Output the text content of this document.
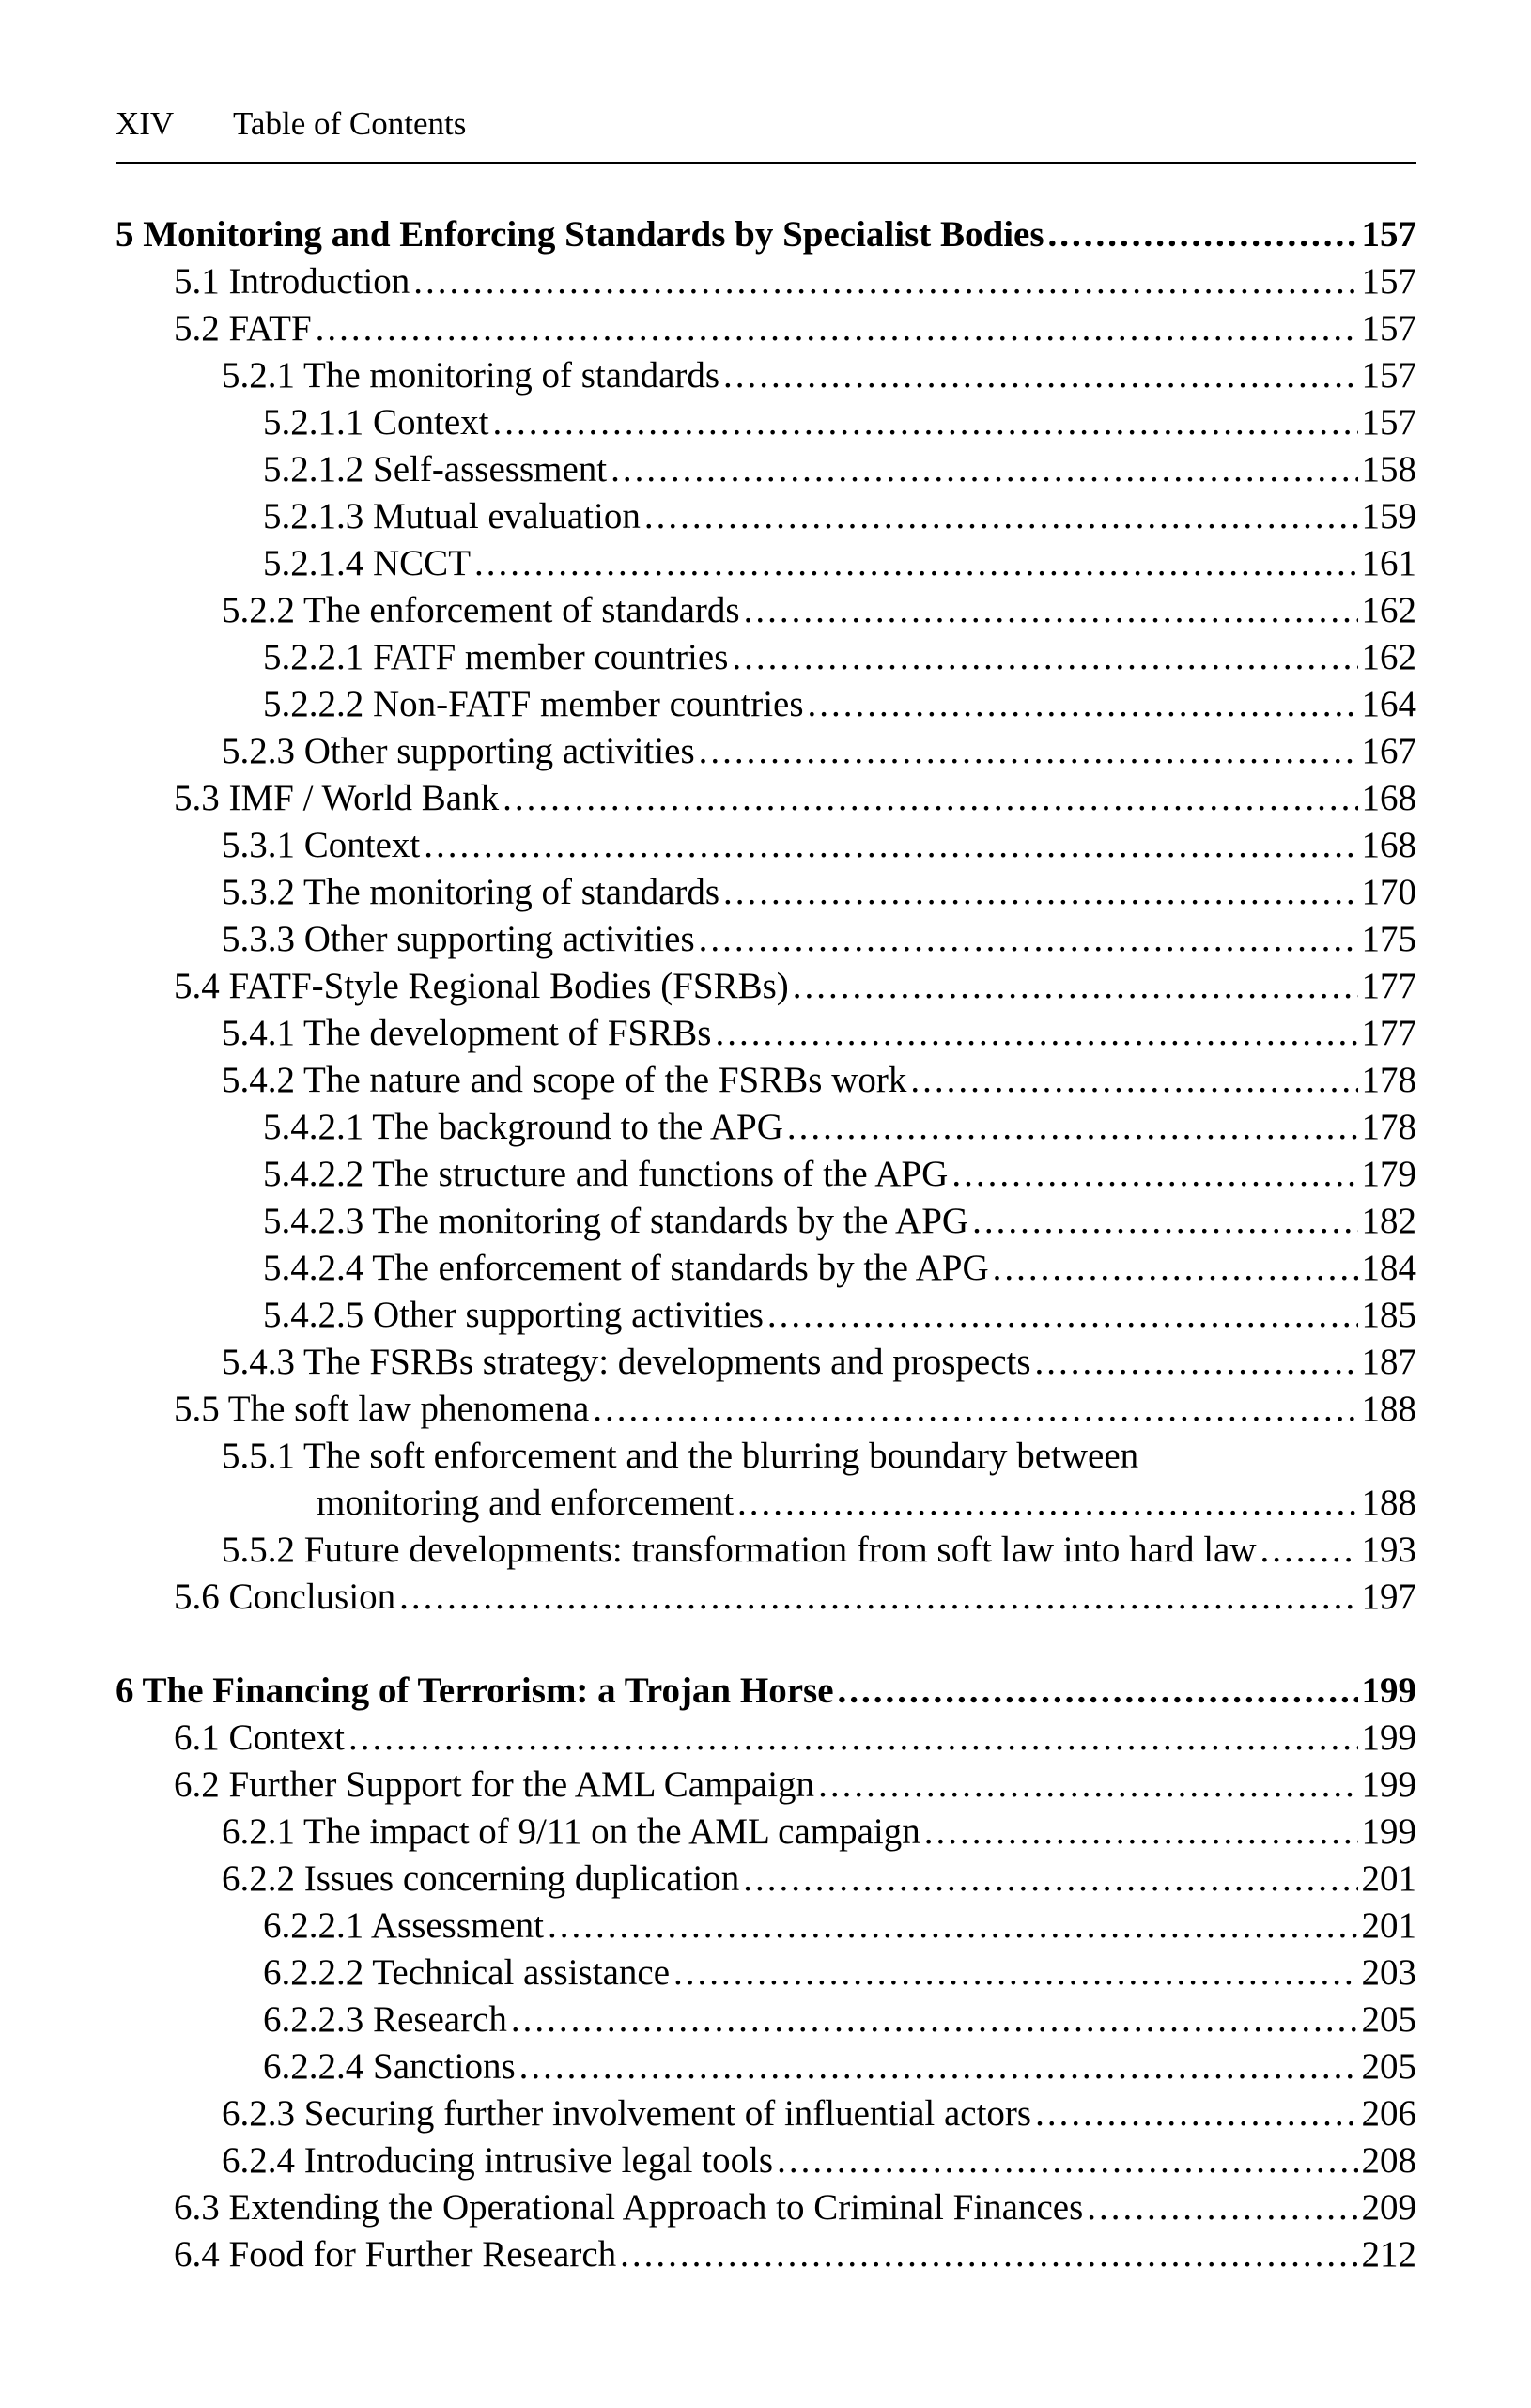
XIV Table of Contents
5 Monitoring and Enforcing Standards by Specialist Bodies .....	157
5.1 Introduction .....	157
5.2 FATF .....	157
5.2.1 The monitoring of standards .....	157
5.2.1.1 Context .....	157
5.2.1.2 Self-assessment .....	158
5.2.1.3 Mutual evaluation .....	159
5.2.1.4 NCCT .....	161
5.2.2 The enforcement of standards .....	162
5.2.2.1 FATF member countries .....	162
5.2.2.2 Non-FATF member countries .....	164
5.2.3 Other supporting activities .....	167
5.3 IMF / World Bank .....	168
5.3.1 Context .....	168
5.3.2 The monitoring of standards .....	170
5.3.3 Other supporting activities .....	175
5.4 FATF-Style Regional Bodies (FSRBs) .....	177
5.4.1 The development of FSRBs .....	177
5.4.2 The nature and scope of the FSRBs work .....	178
5.4.2.1 The background to the APG .....	178
5.4.2.2 The structure and functions of the APG .....	179
5.4.2.3 The monitoring of standards by the APG .....	182
5.4.2.4 The enforcement of standards by the APG .....	184
5.4.2.5 Other supporting activities .....	185
5.4.3 The FSRBs strategy: developments and prospects .....	187
5.5 The soft law phenomena .....	188
5.5.1 The soft enforcement and the blurring boundary between
monitoring and enforcement .....	188
5.5.2 Future developments: transformation from soft law into hard law .....	193
5.6 Conclusion .....	197
6 The Financing of Terrorism: a Trojan Horse .....	199
6.1 Context .....	199
6.2 Further Support for the AML Campaign .....	199
6.2.1 The impact of 9/11 on the AML campaign .....	199
6.2.2 Issues concerning duplication .....	201
6.2.2.1 Assessment .....	201
6.2.2.2 Technical assistance .....	203
6.2.2.3 Research .....	205
6.2.2.4 Sanctions .....	205
6.2.3 Securing further involvement of influential actors .....	206
6.2.4 Introducing intrusive legal tools .....	208
6.3 Extending the Operational Approach to Criminal Finances .....	209
6.4 Food for Further Research .....	212
